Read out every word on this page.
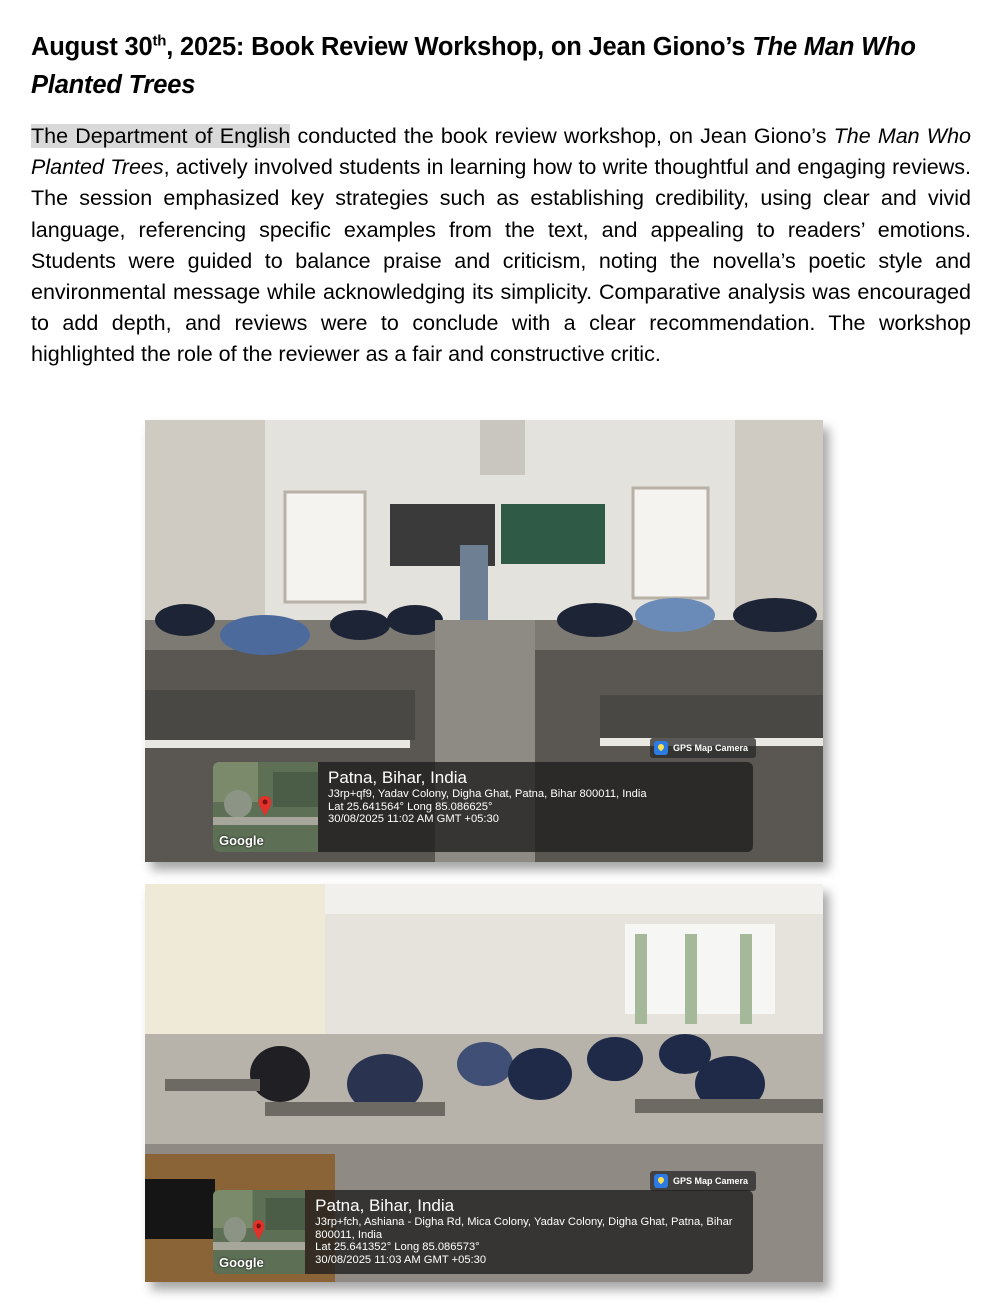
August 30th, 2025: Book Review Workshop, on Jean Giono’s The Man Who Planted Trees
The Department of English conducted the book review workshop, on Jean Giono’s The Man Who Planted Trees, actively involved students in learning how to write thoughtful and engaging reviews. The session emphasized key strategies such as establishing credibility, using clear and vivid language, referencing specific examples from the text, and appealing to readers’ emotions. Students were guided to balance praise and criticism, noting the novella’s poetic style and environmental message while acknowledging its simplicity. Comparative analysis was encouraged to add depth, and reviews were to conclude with a clear recommendation. The workshop highlighted the role of the reviewer as a fair and constructive critic.
GPS Map Camera
Google
Patna, Bihar, India
J3rp+qf9, Yadav Colony, Digha Ghat, Patna, Bihar 800011, India
Lat 25.641564° Long 85.086625°
30/08/2025 11:02 AM GMT +05:30
GPS Map Camera
Google
Patna, Bihar, India
J3rp+fch, Ashiana - Digha Rd, Mica Colony, Yadav Colony, Digha Ghat, Patna, Bihar 800011, India
Lat 25.641352° Long 85.086573°
30/08/2025 11:03 AM GMT +05:30
